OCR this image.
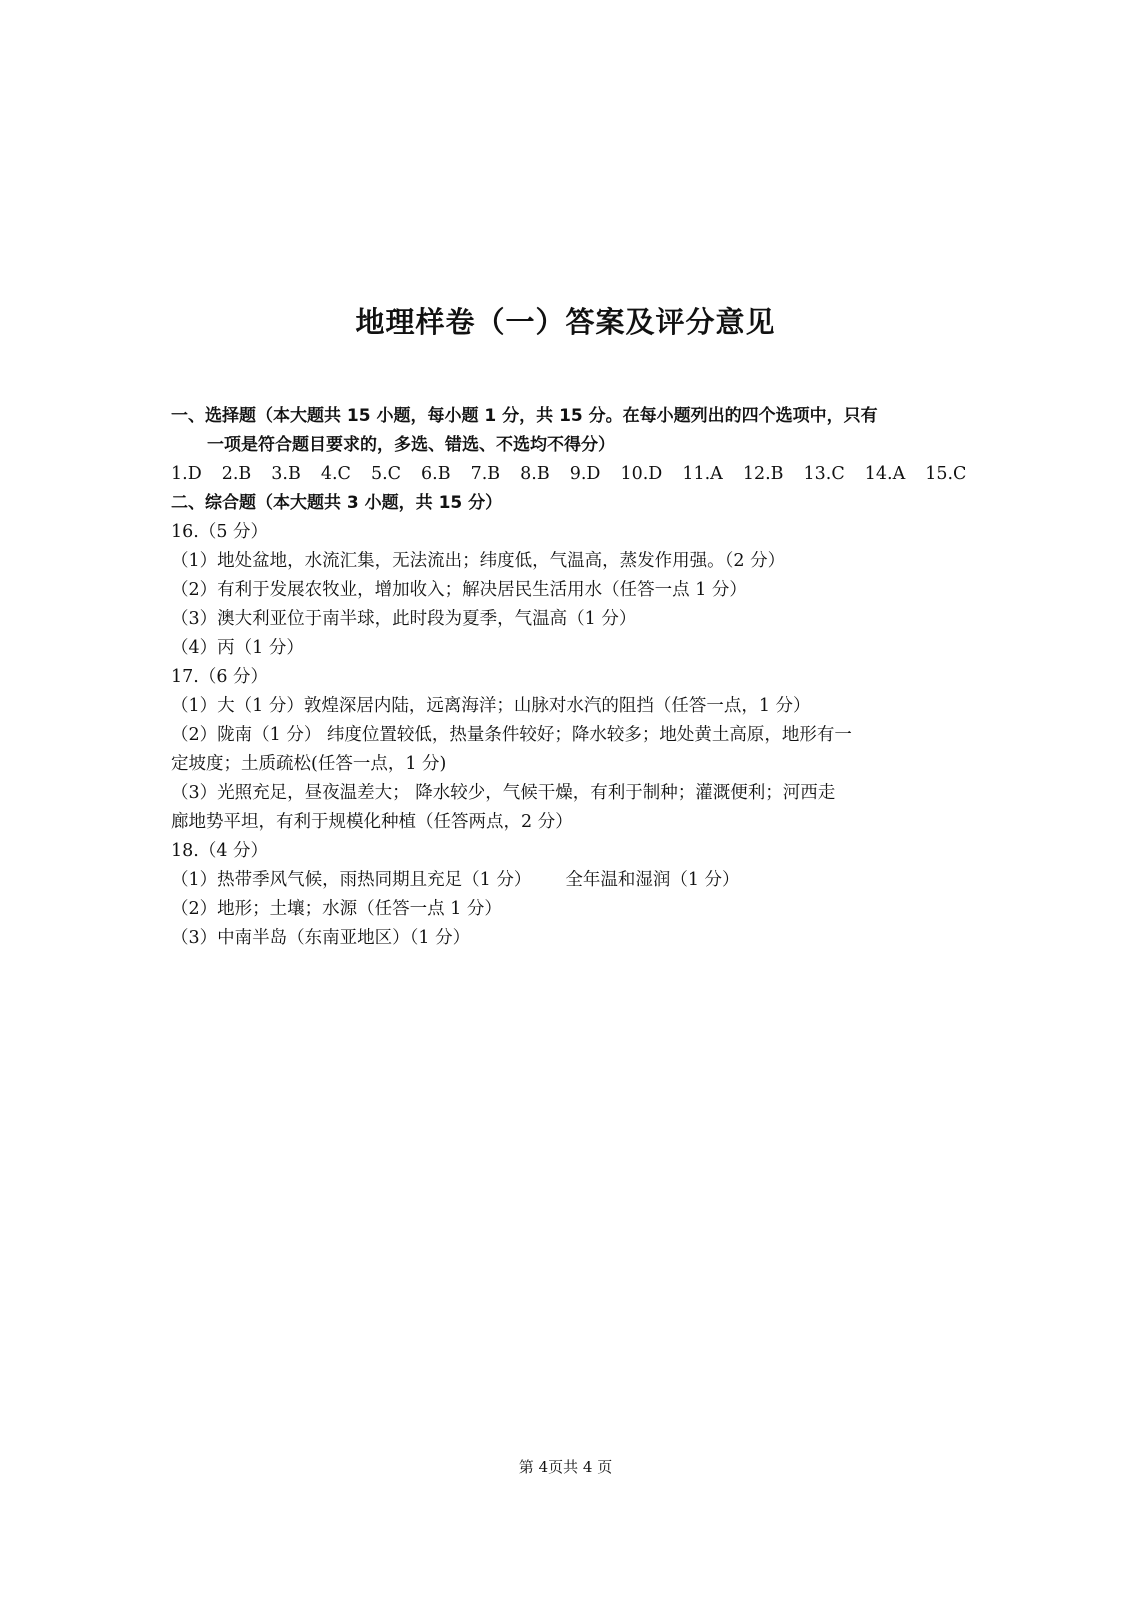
地理样卷（一）答案及评分意见
一、选择题（本大题共 15 小题，每小题 1 分，共 15 分。在每小题列出的四个选项中，只有
一项是符合题目要求的，多选、错选、不选均不得分）
1.D 2.B 3.B 4.C 5.C 6.B 7.B 8.B 9.D 10.D 11.A 12.B 13.C 14.A 15.C
二、综合题（本大题共 3 小题，共 15 分）
16.（5 分）
（1）地处盆地，水流汇集，无法流出；纬度低，气温高，蒸发作用强。（2 分）
（2）有利于发展农牧业，增加收入；解决居民生活用水（任答一点 1 分）
（3）澳大利亚位于南半球，此时段为夏季，气温高（1 分）
（4）丙（1 分）
17.（6 分）
（1）大（1 分）敦煌深居内陆，远离海洋；山脉对水汽的阻挡（任答一点，1 分）
（2）陇南（1 分） 纬度位置较低，热量条件较好；降水较多；地处黄土高原，地形有一
定坡度；土质疏松(任答一点，1 分)
（3）光照充足，昼夜温差大； 降水较少，气候干燥，有利于制种；灌溉便利；河西走
廊地势平坦，有利于规模化种植（任答两点，2 分）
18.（4 分）
（1）热带季风气候，雨热同期且充足（1 分） 全年温和湿润（1 分）
（2）地形；土壤；水源（任答一点 1 分）
（3）中南半岛（东南亚地区）（1 分）
第 4页共 4 页
